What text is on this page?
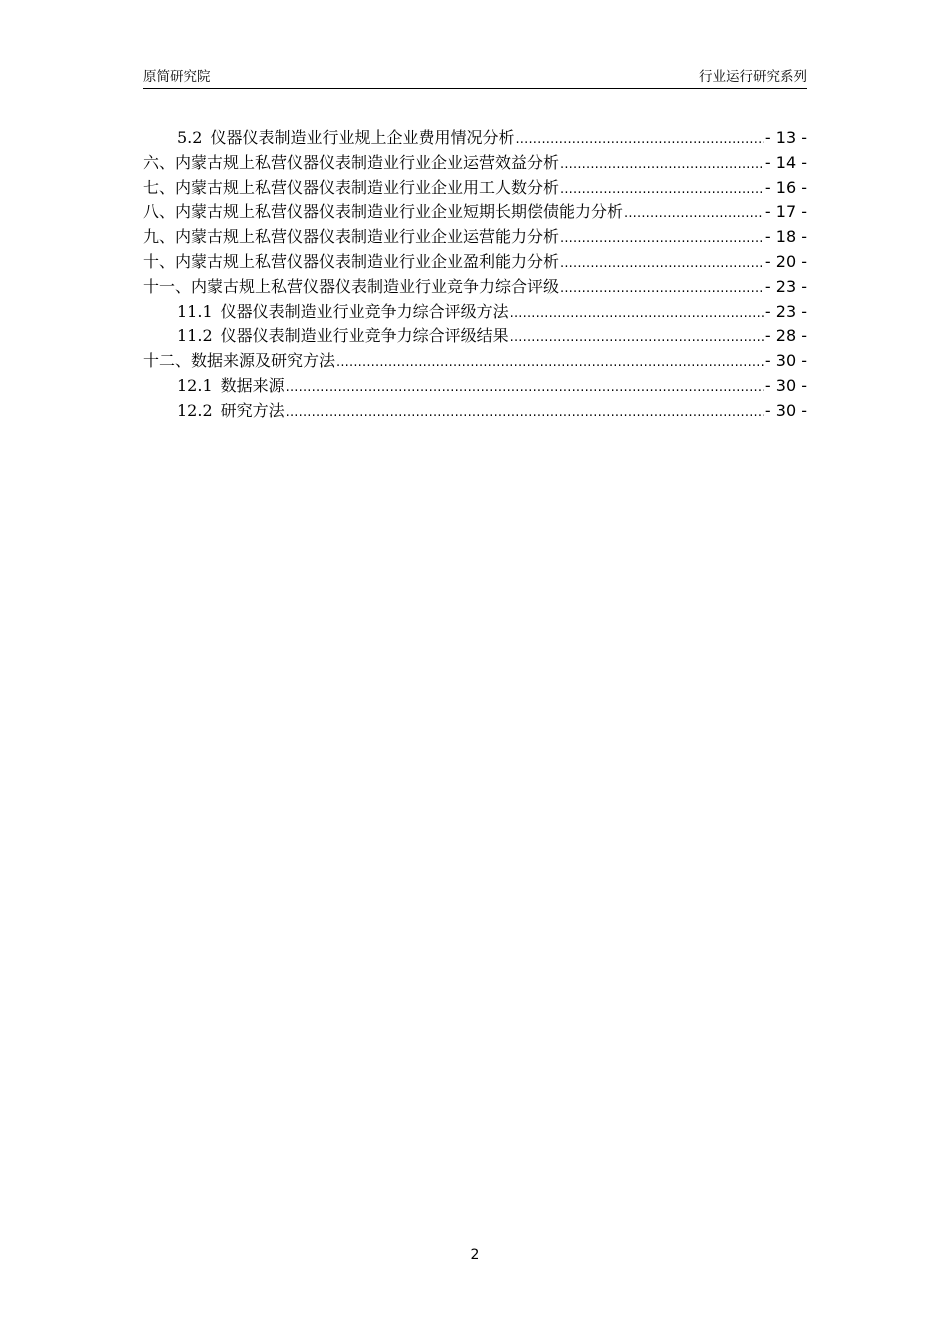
原简研究院	行业运行研究系列
5.2 仪器仪表制造业行业规上企业费用情况分析 .....	- 13 -
六、内蒙古规上私营仪器仪表制造业行业企业运营效益分析 .....	- 14 -
七、内蒙古规上私营仪器仪表制造业行业企业用工人数分析 .....	- 16 -
八、内蒙古规上私营仪器仪表制造业行业企业短期长期偿债能力分析 .....	- 17 -
九、内蒙古规上私营仪器仪表制造业行业企业运营能力分析 .....	- 18 -
十、内蒙古规上私营仪器仪表制造业行业企业盈利能力分析 .....	- 20 -
十一、内蒙古规上私营仪器仪表制造业行业竞争力综合评级 .....	- 23 -
11.1 仪器仪表制造业行业竞争力综合评级方法 .....	- 23 -
11.2 仪器仪表制造业行业竞争力综合评级结果 .....	- 28 -
十二、数据来源及研究方法 .....	- 30 -
12.1 数据来源 .....	- 30 -
12.2 研究方法 .....	- 30 -
2
